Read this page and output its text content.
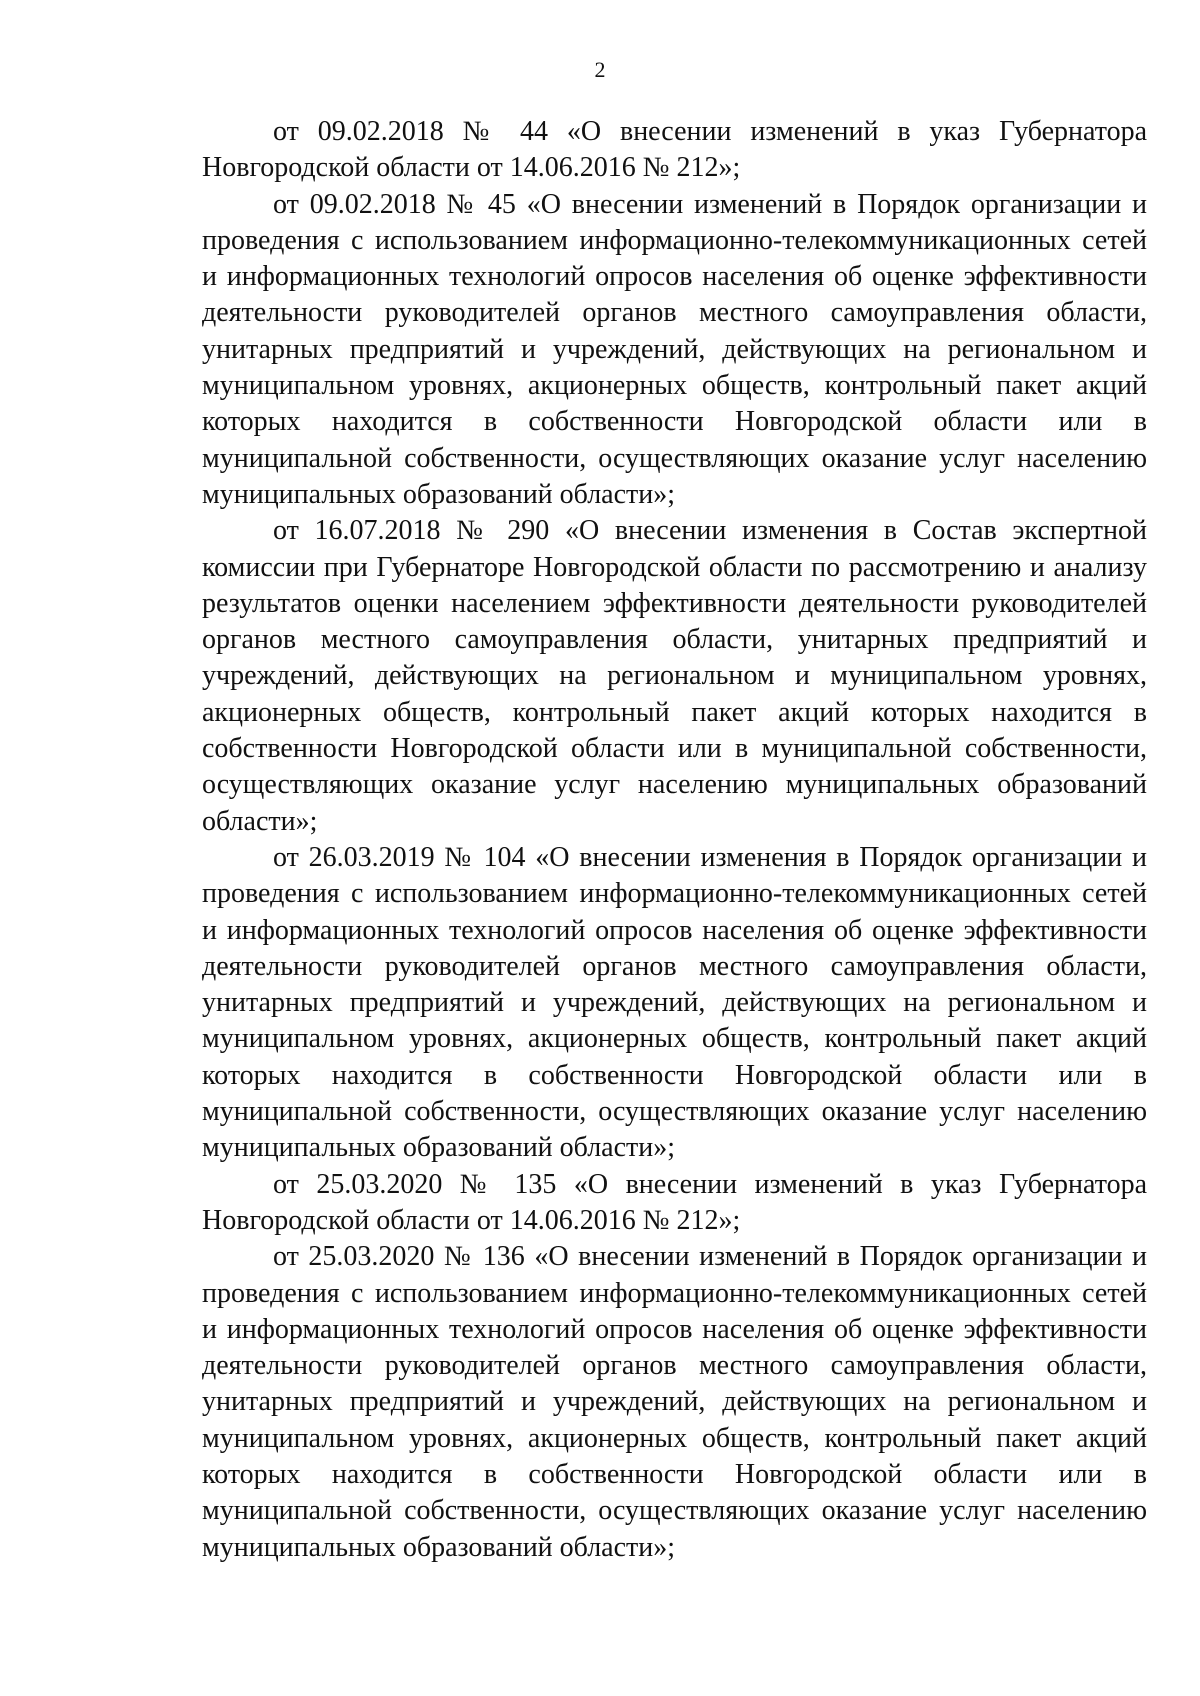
2

от 09.02.2018 № 44 «О внесении изменений в указ Губернатора Новгородской области от 14.06.2016 № 212»;

от 09.02.2018 № 45 «О внесении изменений в Порядок организации и проведения с использованием информационно-телекоммуникационных сетей и информационных технологий опросов населения об оценке эффективности деятельности руководителей органов местного самоуправления области, унитарных предприятий и учреждений, действующих на региональном и муниципальном уровнях, акционерных обществ, контрольный пакет акций которых находится в собственности Новгородской области или в муниципальной собственности, осуществляющих оказание услуг населению муниципальных образований области»;

от 16.07.2018 № 290 «О внесении изменения в Состав экспертной комиссии при Губернаторе Новгородской области по рассмотрению и анализу результатов оценки населением эффективности деятельности руководителей органов местного самоуправления области, унитарных предприятий и учреждений, действующих на региональном и муниципальном уровнях, акционерных обществ, контрольный пакет акций которых находится в собственности Новгородской области или в муниципальной собственности, осуществляющих оказание услуг населению муниципальных образований области»;

от 26.03.2019 № 104 «О внесении изменения в Порядок организации и проведения с использованием информационно-телекоммуникационных сетей и информационных технологий опросов населения об оценке эффективности деятельности руководителей органов местного самоуправления области, унитарных предприятий и учреждений, действующих на региональном и муниципальном уровнях, акционерных обществ, контрольный пакет акций которых находится в собственности Новгородской области или в муниципальной собственности, осуществляющих оказание услуг населению муниципальных образований области»;

от 25.03.2020 № 135 «О внесении изменений в указ Губернатора Новгородской области от 14.06.2016 № 212»;

от 25.03.2020 № 136 «О внесении изменений в Порядок организации и проведения с использованием информационно-телекоммуникационных сетей и информационных технологий опросов населения об оценке эффективности деятельности руководителей органов местного самоуправления области, унитарных предприятий и учреждений, действующих на региональном и муниципальном уровнях, акционерных обществ, контрольный пакет акций которых находится в собственности Новгородской области или в муниципальной собственности, осуществляющих оказание услуг населению муниципальных образований области»;
